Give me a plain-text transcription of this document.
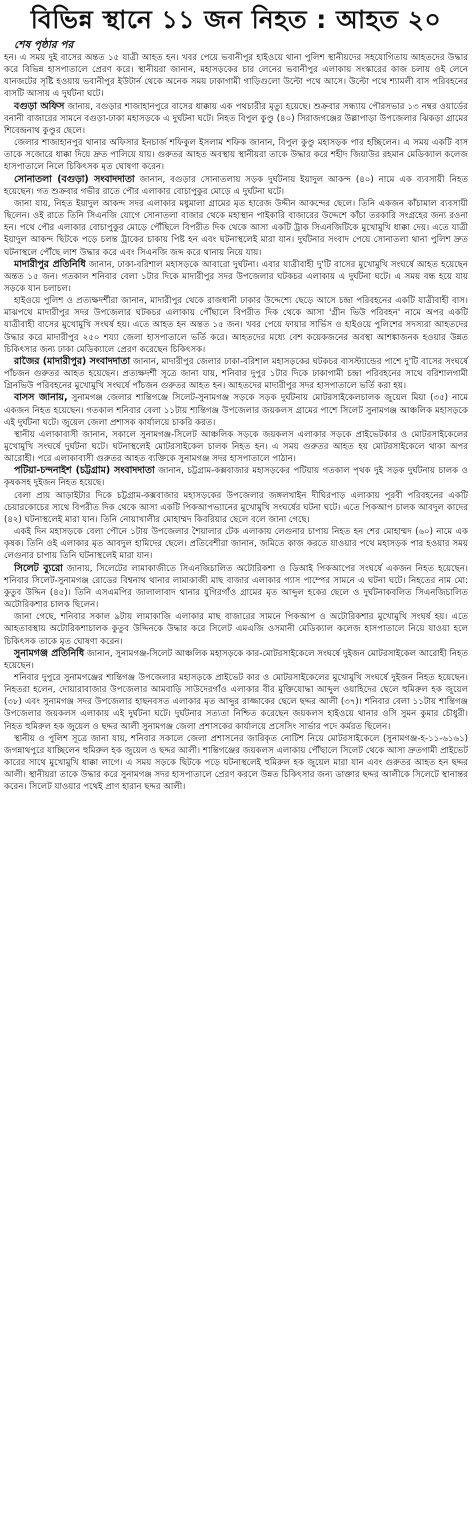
বিভিন্ন স্থানে ১১ জন নিহত : আহত ২০
শেষ পৃষ্ঠার পর

হন। এ সময় দুই বাসের অন্তত ১৫ যাত্রী আহত হন। খবর পেয়ে ভবানীপুর হাইওয়ে থানা পুলিশ স্থানীয়দের সহযোগিতায় আহতদের উদ্ধার করে বিভিন্ন হাসপাতালে প্রেরণ করে। স্থানীয়রা জানান, মহাসড়কের চার লেনের ভবানীপুর এলাকায় সংস্কারের কাজ চলায় ওই লেনে যানজটের সৃষ্টি হওয়ায় ভবানীপুর ইউটার্ন থেকে অনেক সময় ঢাকাগামী গাড়িগুলো উল্টো পথে আসে। উল্টো পথে শ্যামলী বাস পরিবহনের বাসটি আসায় এ দুর্ঘটনা ঘটে।

বগুড়া অফিস জানায়, বগুড়ার শাজাহানপুরে বাসের ধাক্কায় এক পথচারীর মৃত্যু হয়েছে। শুক্রবার সন্ধ্যায় পৌরসভার ১৩ নম্বর ওয়ার্ডের বনানী বাজারের সামনে বগুড়া-ঢাকা মহাসড়কে এ দুর্ঘটনা ঘটে। নিহত বিপুল কুণ্ডু (৪০) সিরাজগঞ্জের উল্লাপাড়া উপজেলার ঝিকড়া গ্রামের শিবেন্দ্রনাথ কুণ্ডুর ছেলে।

জেলার শাজাহানপুর থানার অফিসার ইনচার্জ শফিকুল ইসলাম শফিক জানান, বিপুল কুণ্ডু মহাসড়ক পার হচ্ছিলেন। এ সময় একটি বাস তাকে সজোরে ধাক্কা দিয়ে দ্রুত পালিয়ে যায়। গুরুতর আহত অবস্থায় স্থানীয়রা তাকে উদ্ধার করে শহীদ জিয়াউর রহমান মেডিক্যাল কলেজ হাসপাতালে নিলে চিকিৎসক মৃত ঘোষণা করেন।

সোনাতলা (বগুড়া) সংবাদদাতা জানান, বগুড়ার সোনাতলায় সড়ক দুর্ঘটনায় ইয়াদুল আকন্দ (৪০) নামে এক ব্যবসায়ী নিহত হয়েছেন। গত শুক্রবার গভীর রাতে পৌর এলাকার বোচাপুকুর মোড়ে এ দুর্ঘটনা ঘটে।

জানা যায়, নিহত ইয়াদুল আকন্দ সদর এলাকার মধুমালা গ্রামের মৃত হারেজ উদ্দীন আকন্দের ছেলে। তিনি একজন কাঁচামাল ব্যবসায়ী ছিলেন। ওই রাতে তিনি সিএনজি যোগে সোনাতলা বাজার থেকে মহাস্থান পাইকারি বাজারের উদ্দেশে কাঁচা তরকারি সংগ্রহের জন্য রওনা হন। পথে পৌর এলাকার বোচাপুকুর মোড়ে পৌঁছিলে বিপরীত দিক থেকে আসা একটি ট্রাক সিএনজিটিকে মুখোমুখি ধাক্কা দেয়। এতে যাত্রী ইয়াদুল আকন্দ ছিটকে পড়ে চলন্ত ট্রাকের চাকায় পিষ্ট হন এবং ঘটনাস্থলেই মারা যান। দুর্ঘটনার সংবাদ পেয়ে সোনাতলা থানা পুলিশ দ্রুত ঘটনাস্থলে পৌঁছে লাশ উদ্ধার করে এবং সিএনজি জব্দ করে থানায় নিয়ে যায়।

মাদারীপুর প্রতিনিধি জানান, ঢাকা-বরিশাল মহাসড়কে আবারো দুর্ঘটনা। এবার যাত্রীবাহী দু'টি বাসের মুখোমুখি সংঘর্ষে আহত হয়েছেন অন্তত ১৫ জন। গতকাল শনিবার বেলা ১টার দিকে মাদারীপুর সদর উপজেলার ঘটকচর এলাকায় এ দুর্ঘটনা ঘটে। এ সময় বন্ধ হয়ে যায় সড়কে যান চলাচল।

হাইওয়ে পুলিশ ও প্রত্যক্ষদর্শীরা জানান, মাদারীপুর থেকে রাজধানী ঢাকার উদ্দেশ্যে ছেড়ে আসে চন্দ্রা পরিবহনের একটি যাত্রীবাহী বাস। মাঝপথে মাদারীপুর সদর উপজেলার ঘটকচর এলাকায় পৌঁছালে বিপরীত দিক থেকে আসা 'গ্রীন ভিউ পরিবহন' নামে অপর একটি যাত্রীবাহী বাসের মুখোমুখি সংঘর্ষ হয়। এতে আহত হন অন্তত ১৫ জন। খবর পেয়ে ফায়ার সার্ভিস ও হাইওয়ে পুলিশের সদস্যরা আহতদের উদ্ধার করে মাদারীপুর ২৫০ শয্যা জেলা হাসপাতালে ভর্তি করে। আহতদের মধ্যে বেশ কয়েকজনের অবস্থা আশঙ্কাজনক হওয়ার উন্নত চিকিৎসার জন্য ঢাকা মেডিক্যালে প্রেরণ করেছেন চিকিৎসক।

রাজৈর (মাদারীপুর) সংবাদদাতা জানান, মাদারীপুর জেলার ঢাকা-বরিশাল মহাসড়কের ঘটকচর বাসস্ট্যান্ডের পাশে দু'টি বাসের সংঘর্ষে পাঁচজন গুরুতর আহত হয়েছেন। প্রত্যক্ষদর্শী সূত্রে জানা যায়, শনিবার দুপুর ১টার দিকে ঢাকাগামী চন্দ্রা পরিবহনের সাথে বরিশালগামী গ্রিনভিউ পরিবহনের মুখোমুখি সংঘর্ষে পাঁচজন গুরুতর আহত হন। আহতদের মাদারীপুর সদর হাসপাতালে ভর্তি করা হয়।

বাসস জানায়, সুনামগঞ্জ জেলার শান্তিগঞ্জে সিলেট-সুনামগঞ্জ সড়কে সড়ক দুর্ঘটনায় মোটরসাইকেলচালক জুয়েল মিয়া (৩৫) নামে একজন নিহত হয়েছেন। গতকাল শনিবার বেলা ১১টায় শান্তিগঞ্জ উপজেলার জয়কলস গ্রামের পাশে সিলেট সুনামগঞ্জ আঞ্চলিক মহাসড়কে এই দুর্ঘটনা ঘটে। জুয়েল জেলা প্রশাসক কার্যালয়ে চাকরি করত।

স্থানীয় এলাকাবাসী জানান, সকালে সুনামগঞ্জ-সিলেট আঞ্চলিক সড়কে জয়কলস এলাকার সড়কে প্রাইভেটকার ও মোটরসাইকেলের মুখোমুখি সংঘর্ষে দুর্ঘটনা ঘটে। ঘটনাস্থলেই মোটরসাইকেল চালক নিহত হন। এ সময় গুরুতর আহত হয় মোটরসাইকেলে থাকা অপর আরোহী। পরে এলাকাবাসী গুরুতর আহত ব্যক্তিকে সুনামগঞ্জ সদর হাসপাতালে পাঠান।

পটিয়া-চন্দনাইশ (চট্টগ্রাম) সংবাদদাতা জানান, চট্টগ্রাম-কক্সবাজার মহাসড়কের পটিয়ায় গতকাল পৃথক দুই সড়ক দুর্ঘটনায় চালক ও কৃষকসহ দুইজন নিহত হয়েছে।

বেলা প্রায় আড়াইটার দিকে চট্টগ্রাম-কক্সবাজার মহাসড়কের উপজেলার জঙ্গলখাইন দীঘিরপাড় এলাকায় পূরবী পরিবহনের একটি চেয়ারকোচের সাথে বিপরীত দিক থেকে আসা একটি পিকআপভ্যানের মুখোমুখি সংঘর্ষের ঘটনা ঘটে। এতে পিকআপ চালক আবদুল কাদের (৪২) ঘটনাস্থলেই মারা যান। তিনি নোয়াখালীর মোহাম্মদ কিবরিয়ার ছেলে বলে জানা গেছে।

একই দিন মহাসড়কে বেলা পৌনে ১টায় উপজেলার শৈয়ালার টেক এলাকায় লেগুনার চাপায় নিহত হন শের মোহাম্মদ (৬০) নামে এক কৃষক। তিনি ওই এলাকার মৃত আবদুল হামিদের ছেলে। প্রতিবেশীরা জানান, জমিতে কাজ করতে যাওয়ার পথে মহাসড়ক পার হওয়ার সময় লেগুনার চাপায় তিনি ঘটনাস্থলেই মারা যান।

সিলেট ব্যুরো জানায়, সিলেটের লামাকাজীতে সিএনজিচালিত অটোরিকশা ও ডিআই পিকআপের সংঘর্ষে একজন নিহত হয়েছেন। শনিবার সিলেট-সুনামগঞ্জ রোডের বিশ্বনাথ থানার লামাকাজী মাছ বাজার এলাকার গ্যাস পাম্পের সামনে এ ঘটনা ঘটে। নিহতের নাম মো: কুতুব উদ্দিন (৪৫)। তিনি এসএমপির জালালাবাদ থানার যুগিরগাঁও গ্রামের মৃত আব্দুল হকের ছেলে ও দুর্ঘটনাকবলিত সিএনজিচালিত অটোরিকশার চালক ছিলেন।

জানা গেছে, শনিবার সকাল ৯টায় লামাকাজি এলাকার মাছ বাজারের সামনে পিকআপ ও অটোরিকশার মুখোমুখি সংঘর্ষ হয়। এতে আহতাবস্থায় অটোরিকশাচালক কুতুব উদ্দিনকে উদ্ধার করে সিলেট এমএজি ওসমানী মেডিক্যাল কলেজ হাসপাতালে নিয়ে যাওয়া হলে চিকিৎসক তাকে মৃত ঘোষণা করেন।

সুনামগঞ্জ প্রতিনিধি জানান, সুনামগঞ্জ-সিলেট আঞ্চলিক মহাসড়কে কার-মোটরসাইকেলে সংঘর্ষে দুইজন মোটরসাইকেল আরোহী নিহত হয়েছেন।

শনিবার দুপুরে সুনামগঞ্জের শান্তিগঞ্জ উপজেলার মহাসড়কে প্রাইভেট কার ও মোটরসাইকেলের মুখোমুখি সংঘর্ষে দুইজন নিহত হয়েছেন। নিহতরা হলেন, দোয়ারাবাজার উপজেলার আমবাড়ি সাউদেরগাঁও এলাকার বীর মুক্তিযোদ্ধা আব্দুল ওয়াহিদের ছেলে হুমিরুল হক জুয়েল (৩৮) এবং সুনামগঞ্জ সদর উপজেলার হাছনবসত এলাকার মৃত আব্দুর রাজ্জাকের ছেলে ছদ্দর আলী (৩৭)। শনিবার বেলা ১১টায় শান্তিগঞ্জ উপজেলার জয়কলস এলাকায় এই দুর্ঘটনা ঘটে। দুর্ঘটনার সত্যতা নিশ্চিত করেছেন জয়কলস হাইওয়ে থানার ওসি সুমন কুমার চৌধুরী। নিহত হুমিরুল হক জুয়েল ও ছদ্দর আলী সুনামগঞ্জ জেলা প্রশাসকের কার্যালয়ে প্রসেসিং সার্ভার পদে কর্মরত ছিলেন।

স্থানীয় ও পুলিশ সূত্রে জানা যায়, শনিবার সকালে জেলা প্রশাসনের জারিকৃত নোটিশ নিয়ে মোটরসাইকেলে (সুনামগঞ্জ-হ-১১-৬১৬১) জগন্নাথপুরে যাচ্ছিলেন হুমিরুল হক জুয়েল ও ছদ্দর আলী। শান্তিগঞ্জের জয়কলস এলাকায় পৌঁছালে সিলেট থেকে আসা দ্রুতগামী প্রাইভেট কারের সাথে মুখোমুখি ধাক্কা লাগে। এ সময় সড়কে ছিটকে পড়ে ঘটনাস্থলেই হুমিরুল হক জুয়েল মারা যান এবং গুরুতর আহত হন ছদ্দর আলী। স্থানীয়রা তাকে উদ্ধার করে সুনামগঞ্জ সদর হাসপাতালে প্রেরণ করলে উন্নত চিকিৎসার জন্য ডাক্তার ছদ্দর আলীকে সিলেটে স্থানান্তর করেন। সিলেট যাওয়ার পথেই প্রাণ হারান ছদ্দর আলী।
